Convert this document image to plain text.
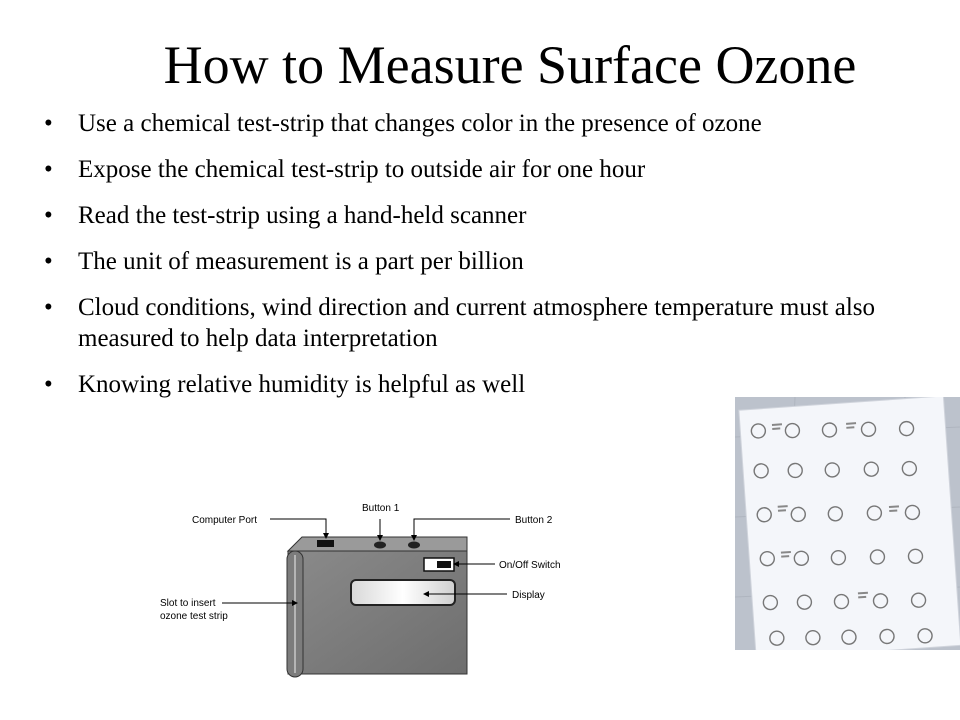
How to Measure Surface Ozone
• Use a chemical test-strip that changes color in the presence of ozone
• Expose the chemical test-strip to outside air for one hour
• Read the test-strip using a hand-held scanner
• The unit of measurement is a part per billion
• Cloud conditions, wind direction and current atmosphere temperature must also measured to help data interpretation
• Knowing relative humidity is helpful as well
Button 1
Button 2
Computer Port
On/Off Switch
Display
Slot to insert
ozone test strip
